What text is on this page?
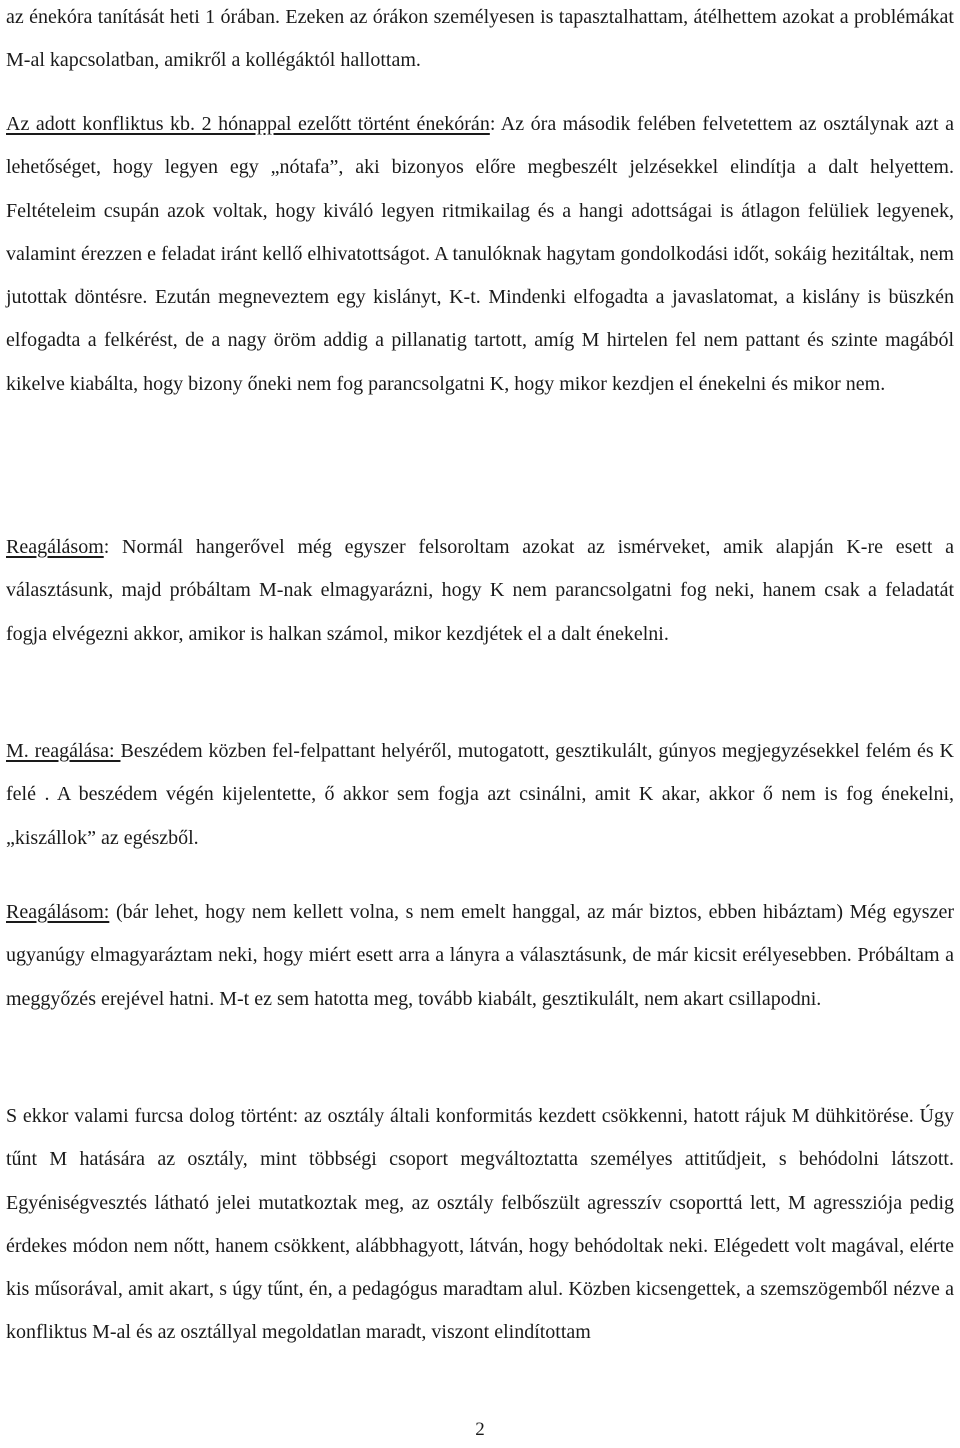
az énekóra tanítását heti 1 órában. Ezeken az órákon személyesen is tapasztalhattam, átélhettem azokat a problémákat M-al kapcsolatban, amikről a kollégáktól hallottam.

Az adott konfliktus kb. 2 hónappal ezelőtt történt énekórán: Az óra második felében felvetettem az osztálynak azt a lehetőséget, hogy legyen egy „nótafa”, aki bizonyos előre megbeszélt jelzésekkel elindítja a dalt helyettem. Feltételeim csupán azok voltak, hogy kiváló legyen ritmikailag és a hangi adottságai is átlagon felüliek legyenek, valamint érezzen e feladat iránt kellő elhivatottságot. A tanulóknak hagytam gondolkodási időt, sokáig hezitáltak, nem jutottak döntésre. Ezután megneveztem egy kislányt, K-t. Mindenki elfogadta a javaslatomat, a kislány is büszkén elfogadta a felkérést, de a nagy öröm addig a pillanatig tartott, amíg M hirtelen fel nem pattant és szinte magából kikelve kiabálta, hogy bizony őneki nem fog parancsolgatni K, hogy mikor kezdjen el énekelni és mikor nem.

Reagálásom: Normál hangerővel még egyszer felsoroltam azokat az ismérveket, amik alapján K-re esett a választásunk, majd próbáltam M-nak elmagyarázni, hogy K nem parancsolgatni fog neki, hanem csak a feladatát fogja elvégezni akkor, amikor is halkan számol, mikor kezdjétek el a dalt énekelni.

M. reagálása: Beszédem közben fel-felpattant helyéről, mutogatott, gesztikulált, gúnyos megjegyzésekkel felém és K felé . A beszédem végén kijelentette, ő akkor sem fogja azt csinálni, amit K akar, akkor ő nem is fog énekelni, „kiszállok” az egészből.

Reagálásom: (bár lehet, hogy nem kellett volna, s nem emelt hanggal, az már biztos, ebben hibáztam) Még egyszer ugyanúgy elmagyaráztam neki, hogy miért esett arra a lányra a választásunk, de már kicsit erélyesebben. Próbáltam a meggyőzés erejével hatni. M-t ez sem hatotta meg, tovább kiabált, gesztikulált, nem akart csillapodni.

S ekkor valami furcsa dolog történt: az osztály általi konformitás kezdett csökkenni, hatott rájuk M dühkitörése. Úgy tűnt M hatására az osztály, mint többségi csoport megváltoztatta személyes attitűdjeit, s behódolni látszott. Egyéniségvesztés látható jelei mutatkoztak meg, az osztály felbőszült agresszív csoporttá lett, M agressziója pedig érdekes módon nem nőtt, hanem csökkent, alábbhagyott, látván, hogy behódoltak neki. Elégedett volt magával, elérte kis műsorával, amit akart, s úgy tűnt, én, a pedagógus maradtam alul. Közben kicsengettek, a szemszögemből nézve a konfliktus M-al és az osztállyal megoldatlan maradt, viszont elindítottam

2
